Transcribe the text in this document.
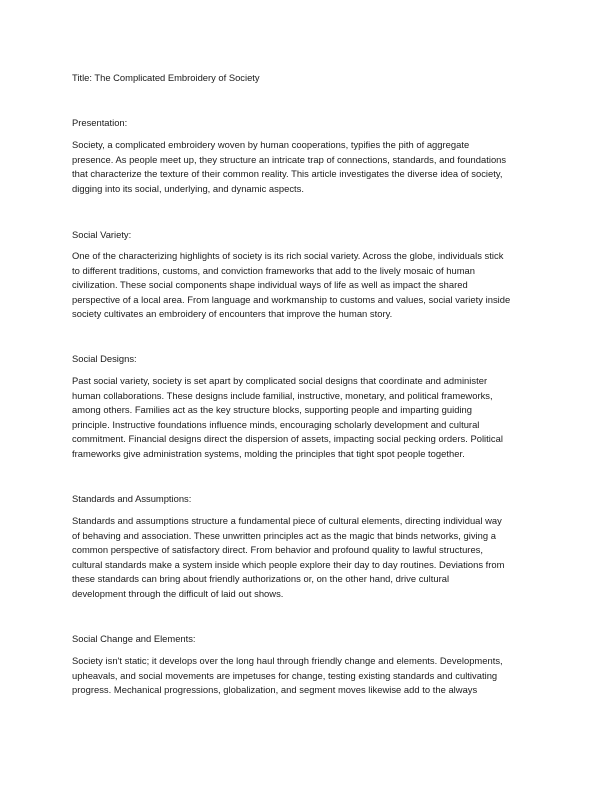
Title: The Complicated Embroidery of Society
Presentation:
Society, a complicated embroidery woven by human cooperations, typifies the pith of aggregate
presence. As people meet up, they structure an intricate trap of connections, standards, and foundations
that characterize the texture of their common reality. This article investigates the diverse idea of society,
digging into its social, underlying, and dynamic aspects.
Social Variety:
One of the characterizing highlights of society is its rich social variety. Across the globe, individuals stick
to different traditions, customs, and conviction frameworks that add to the lively mosaic of human
civilization. These social components shape individual ways of life as well as impact the shared
perspective of a local area. From language and workmanship to customs and values, social variety inside
society cultivates an embroidery of encounters that improve the human story.
Social Designs:
Past social variety, society is set apart by complicated social designs that coordinate and administer
human collaborations. These designs include familial, instructive, monetary, and political frameworks,
among others. Families act as the key structure blocks, supporting people and imparting guiding
principle. Instructive foundations influence minds, encouraging scholarly development and cultural
commitment. Financial designs direct the dispersion of assets, impacting social pecking orders. Political
frameworks give administration systems, molding the principles that tight spot people together.
Standards and Assumptions:
Standards and assumptions structure a fundamental piece of cultural elements, directing individual way
of behaving and association. These unwritten principles act as the magic that binds networks, giving a
common perspective of satisfactory direct. From behavior and profound quality to lawful structures,
cultural standards make a system inside which people explore their day to day routines. Deviations from
these standards can bring about friendly authorizations or, on the other hand, drive cultural
development through the difficult of laid out shows.
Social Change and Elements:
Society isn't static; it develops over the long haul through friendly change and elements. Developments,
upheavals, and social movements are impetuses for change, testing existing standards and cultivating
progress. Mechanical progressions, globalization, and segment moves likewise add to the always
